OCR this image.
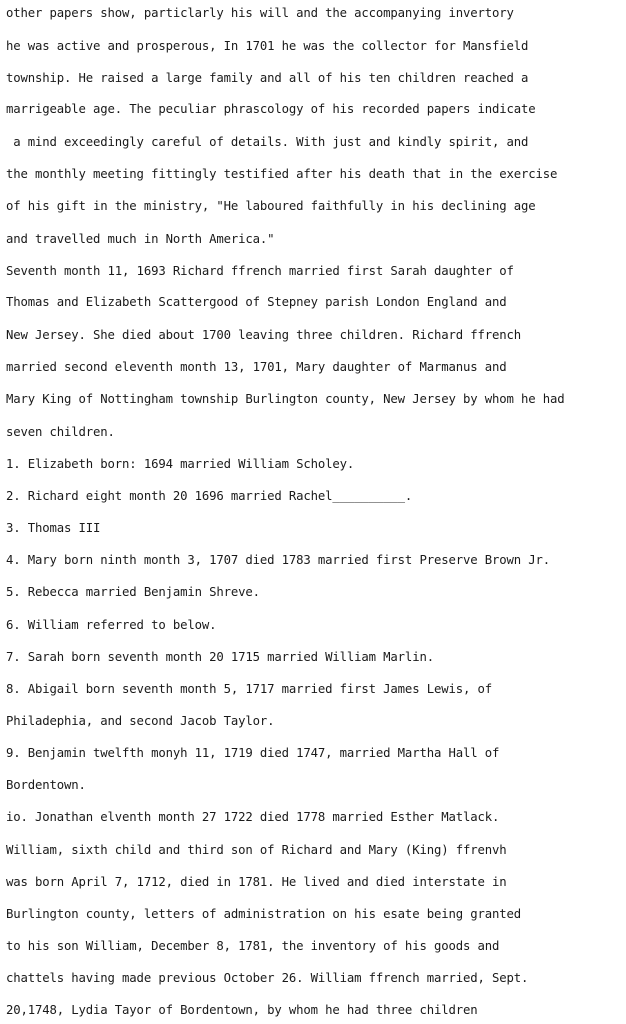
other papers show, particlarly his will and the accompanying invertory
he was active and prosperous, In 1701 he was the collector for Mansfield
township. He raised a large family and all of his ten children reached a
marrigeable age. The peculiar phrascology of his recorded papers indicate
a mind exceedingly careful of details. With just and kindly spirit, and
the monthly meeting fittingly testified after his death that in the exercise
of his gift in the ministry, "He laboured faithfully in his declining age
and travelled much in North America."
Seventh month 11, 1693 Richard ffrench married first Sarah daughter of
Thomas and Elizabeth Scattergood of Stepney parish London England and
New Jersey. She died about 1700 leaving three children. Richard ffrench
married second eleventh month 13, 1701, Mary daughter of Marmanus and
Mary King of Nottingham township Burlington county, New Jersey by whom he had
seven children.
1. Elizabeth born: 1694 married William Scholey.
2. Richard eight month 20 1696 married Rachel__________.
3. Thomas III
4. Mary born ninth month 3, 1707 died 1783 married first Preserve Brown Jr.
5. Rebecca married Benjamin Shreve.
6. William referred to below.
7. Sarah born seventh month 20 1715 married William Marlin.
8. Abigail born seventh month 5, 1717 married first James Lewis, of
Philadephia, and second Jacob Taylor.
9. Benjamin twelfth monyh 11, 1719 died 1747, married Martha Hall of
Bordentown.
io. Jonathan elventh month 27 1722 died 1778 married Esther Matlack.
William, sixth child and third son of Richard and Mary (King) ffrenvh
was born April 7, 1712, died in 1781. He lived and died interstate in
Burlington county, letters of administration on his esate being granted
to his son William, December 8, 1781, the inventory of his goods and
chattels having made previous October 26. William ffrench married, Sept.
20,1748, Lydia Tayor of Bordentown, by whom he had three children
